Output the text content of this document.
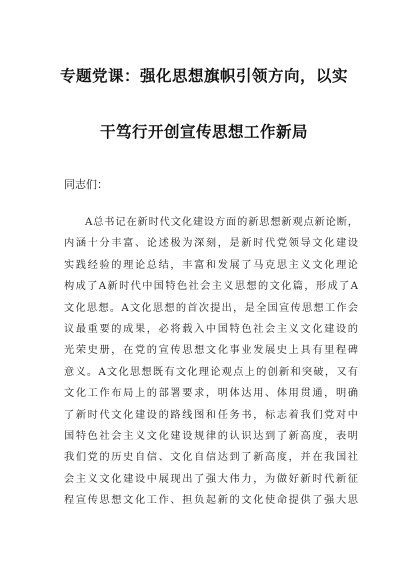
专题党课：强化思想旗帜引领方向，以实
干笃行开创宣传思想工作新局
同志们：
A总书记在新时代文化建设方面的新思想新观点新论断，
内涵十分丰富、论述极为深刻，是新时代党领导文化建设
实践经验的理论总结，丰富和发展了马克思主义文化理论
构成了A新时代中国特色社会主义思想的文化篇，形成了A
文化思想。A文化思想的首次提出，是全国宣传思想工作会
议最重要的成果，必将载入中国特色社会主义文化建设的
光荣史册，在党的宣传思想文化事业发展史上具有里程碑
意义。A文化思想既有文化理论观点上的创新和突破，又有
文化工作布局上的部署要求，明体达用、体用贯通，明确
了新时代文化建设的路线图和任务书，标志着我们党对中
国特色社会主义文化建设规律的认识达到了新高度，表明
我们党的历史自信、文化自信达到了新高度，并在我国社
会主义文化建设中展现出了强大伟力，为做好新时代新征
程宣传思想文化工作、担负起新的文化使命提供了强大思
